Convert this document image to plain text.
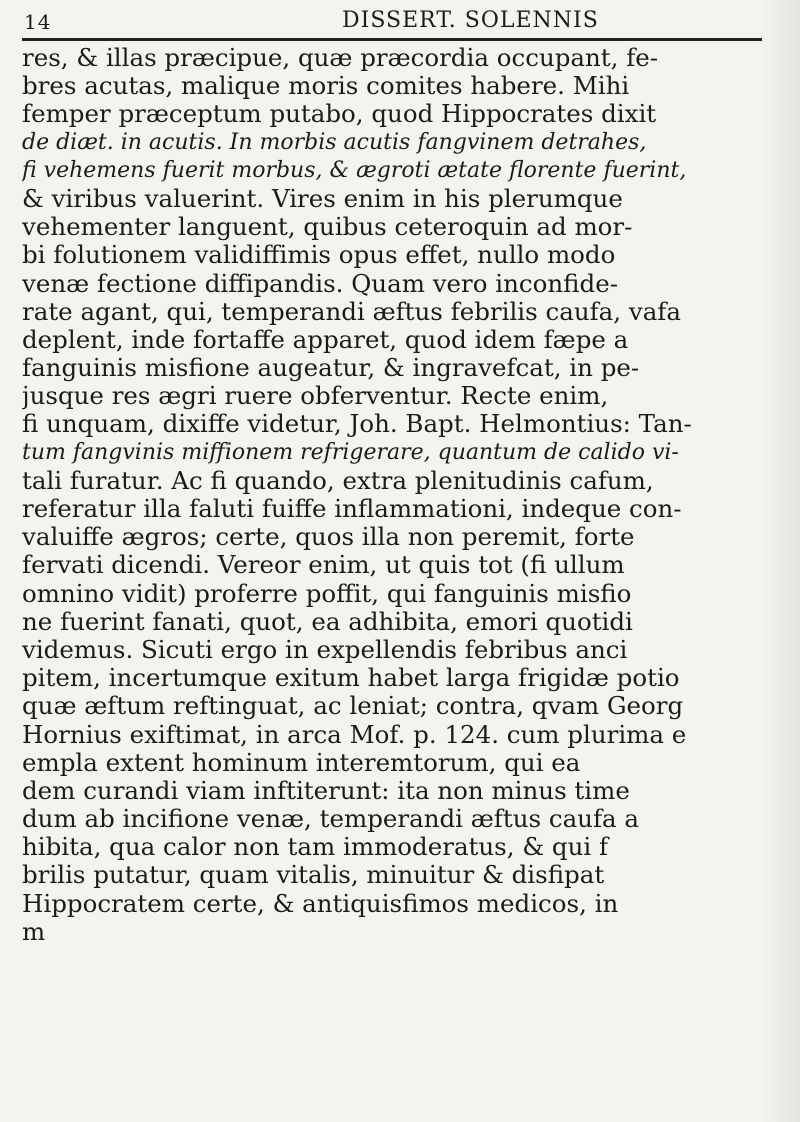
14	DISSERT. SOLENNIS
res, & illas præcipue, quæ præcordia occupant, fe-
bres acutas, malique moris comites habere. Mihi
femper præceptum putabo, quod Hippocrates dixit
de diæt. in acutis. In morbis acutis fangvinem detrahes,
fi vehemens fuerit morbus, & ægroti ætate florente fuerint,
& viribus valuerint. Vires enim in his plerumque
vehementer languent, quibus ceteroquin ad mor-
bi folutionem validiffimis opus effet, nullo modo
venæ fectione diffipandis. Quam vero inconfide-
rate agant, qui, temperandi æftus febrilis caufa, vafa
deplent, inde fortaffe apparet, quod idem fæpe a
fanguinis misfione augeatur, & ingravefcat, in pe-
jusque res ægri ruere obferventur. Recte enim,
fi unquam, dixiffe videtur, Joh. Bapt. Helmontius: Tan-
tum fangvinis miffionem refrigerare, quantum de calido vi-
tali furatur. Ac fi quando, extra plenitudinis cafum,
referatur illa faluti fuiffe inflammationi, indeque con-
valuiffe ægros; certe, quos illa non peremit, forte
fervati dicendi. Vereor enim, ut quis tot (fi ullum
omnino vidit) proferre poffit, qui fanguinis misfio
ne fuerint fanati, quot, ea adhibita, emori quotidi
videmus. Sicuti ergo in expellendis febribus anci
pitem, incertumque exitum habet larga frigidæ potio
quæ æftum reftinguat, ac leniat; contra, qvam Georg
Hornius exiftimat, in arca Mof. p. 124. cum plurima e
empla extent hominum interemtorum, qui ea
dem curandi viam inftiterunt: ita non minus time
dum ab incifione venæ, temperandi æftus caufa a
hibita, qua calor non tam immoderatus, & qui f
brilis putatur, quam vitalis, minuitur & disfipat
Hippocratem certe, & antiquisfimos medicos, in
m
